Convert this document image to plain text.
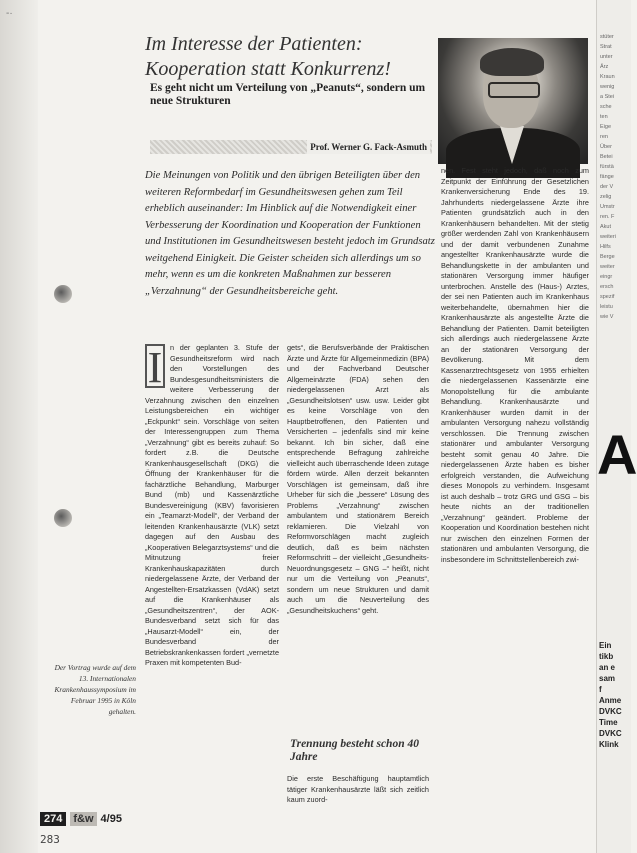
-·
Im Interesse der Patienten:
Kooperation statt Konkurrenz!
Es geht nicht um Verteilung von „Peanuts“, sondern um neue Strukturen
Prof. Werner G. Fack-Asmuth
Die Meinungen von Politik und den übrigen Beteiligten über den weiteren Reformbedarf im Gesundheitswesen gehen zum Teil erheblich auseinander: Im Hinblick auf die Notwendigkeit einer Verbesserung der Koordination und Kooperation der Funktionen und Institutionen im Gesundheitswesen besteht jedoch im Grundsatz weitgehend Einigkeit. Die Geister scheiden sich allerdings um so mehr, wenn es um die konkreten Maßnahmen zur besseren „Verzahnung“ der Gesundheitsbereiche geht.

I	n der geplanten 3. Stufe der Gesundheitsreform wird nach den Vorstellungen des Bundesgesundheitsministers die weitere Verbesserung der Verzahnung zwischen den einzelnen Leistungsbereichen ein wichtiger „Eckpunkt“ sein. Vorschläge von seiten der Interessengruppen zum Thema „Verzahnung“ gibt es bereits zuhauf: So fordert z.B. die Deutsche Krankenhausgesellschaft (DKG) die Öffnung der Krankenhäuser für die fachärztliche Behandlung, Marburger Bund (mb) und Kassenärztliche Bundesvereinigung (KBV) favorisieren ein „Teamarzt-Modell“, der Verband der leitenden Krankenhausärzte (VLK) setzt dagegen auf den Ausbau des „Kooperativen Belegarztsystems“ und die Mitnutzung freier Krankenhauskapazitäten durch niedergelassene Ärzte, der Verband der Angestellten-Ersatzkassen (VdAK) setzt auf die Krankenhäuser als „Gesundheitszentren“, der AOK-Bundesverband setzt sich für das „Hausarzt-Modell“ ein, der Bundesverband der Betriebskrankenkassen fordert „vernetzte Praxen mit kompetenten Bud-

gets“, die Berufsverbände der Praktischen Ärzte und Ärzte für Allgemeinmedizin (BPA) und der Fachverband Deutscher Allgemeinärzte (FDA) sehen den niedergelassenen Arzt als „Gesundheitslotsen“ usw. usw. Leider gibt es keine Vorschläge von den Hauptbetroffenen, den Patienten und Versicherten – jedenfalls sind mir keine bekannt. Ich bin sicher, daß eine entsprechende Befragung zahlreiche vielleicht auch überraschende Ideen zutage fördern würde. Allen derzeit bekannten Vorschlägen ist gemeinsam, daß ihre Urheber für sich die „bessere“ Lösung des Problems „Verzahnung“ zwischen ambulantem und stationärem Bereich reklamieren. Die Vielzahl von Reformvorschlägen macht zugleich deutlich, daß es beim nächsten Reformschritt – der vielleicht „Gesundheits-Neuordnungsgesetz – GNG –“ heißt, nicht nur um die Verteilung von „Peanuts“, sondern um neue Strukturen und damit auch um die Neuverteilung des „Gesundheitskuchens“ geht.

Trennung besteht schon 40 Jahre

Die erste Beschäftigung hauptamtlich tätiger Krankenhausärzte läßt sich zeitlich kaum zuord-

nen. Fest steht jedoch, daß noch zum Zeitpunkt der Einführung der Gesetzlichen Krankenversicherung Ende des 19. Jahrhunderts niedergelassene Ärzte ihre Patienten grundsätzlich auch in den Krankenhäusern behandelten. Mit der stetig größer werdenden Zahl von Krankenhäusern und der damit verbundenen Zunahme angestellter Krankenhausärzte wurde die Behandlungskette in der ambulanten und stationären Versorgung immer häufiger unterbrochen. Anstelle des (Haus-) Arztes, der sei nen Patienten auch im Krankenhaus weiterbehandelte, übernahmen hier die Krankenhausärzte als angestellte Ärzte die Behandlung der Patienten. Damit beteiligten sich allerdings auch niedergelassene Ärzte an der stationären Versorgung der Bevölkerung. Mit dem Kassenarztrechtsgesetz von 1955 erhielten die niedergelassenen Kassenärzte eine Monopolstellung für die ambulante Behandlung. Krankenhausärzte und Krankenhäuser wurden damit in der ambulanten Versorgung nahezu vollständig verschlossen. Die Trennung zwischen stationärer und ambulanter Versorgung besteht somit genau 40 Jahre. Die niedergelassenen Ärzte haben es bisher erfolgreich verstanden, die Aufweichung dieses Monopols zu verhindern. Insgesamt ist auch deshalb – trotz GRG und GSG – bis heute nichts an der traditionellen „Verzahnung“ geändert. Probleme der Kooperation und Koordination bestehen nicht nur zwischen den einzelnen Formen der stationären und ambulanten Versorgung, die insbesondere im Schnittstellenbereich zwi-

Der Vortrag wurde auf dem 13. Internationalen Krankenhaussymposium im Februar 1995 in Köln gehalten.
274 f&w 4/95
283
stüter
Strat
unter
Ärz
Kraun
wenig
a Stei
sche
ten
Eige
ren
Über
Betei
fürstä
fänge
der V
zelig
Umstr
ren. F
Akut
weiteri
Hilfs
Berge
weiter
eingr
ersch
spezif
leistu
wie V
A
Ein
tikb
an e
sam
f
Anme
DVKC
Time
DVKC
Klink
